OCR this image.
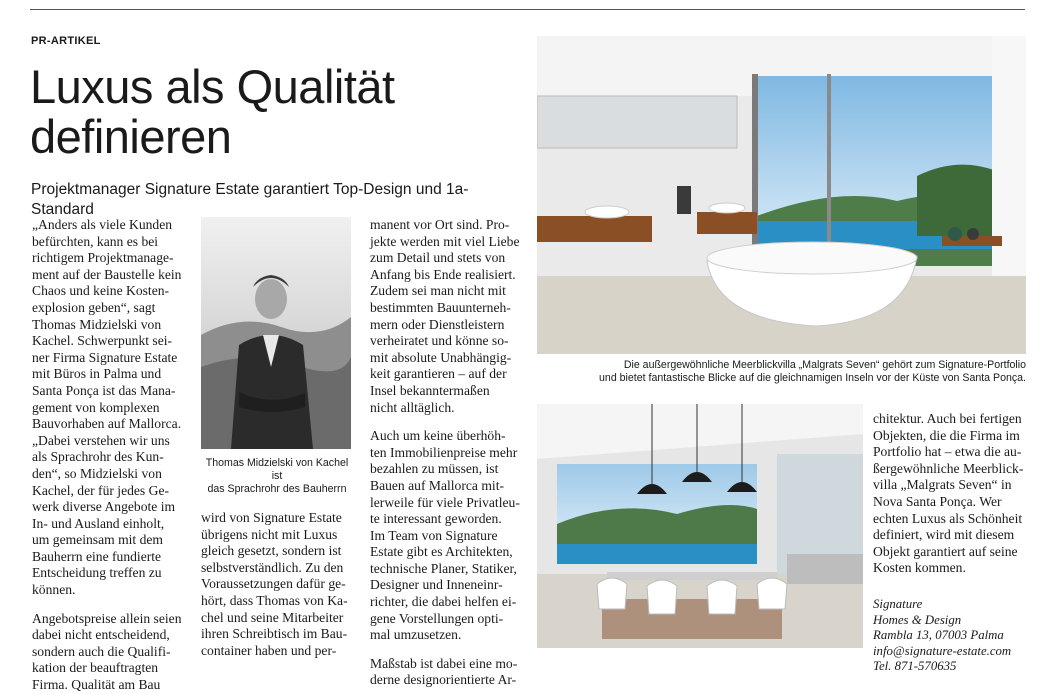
PR-ARTIKEL
Luxus als Qualität
definieren

Projektmanager Signature Estate garantiert Top-Design und 1a-Standard

„Anders als viele Kunden

befürchten, kann es bei

richtigem Projektmanage-

ment auf der Baustelle kein

Chaos und keine Kosten-

explosion geben“, sagt

Thomas Midzielski von

Kachel. Schwerpunkt sei-

ner Firma Signature Estate

mit Büros in Palma und

Santa Ponça ist das Mana-

gement von komplexen

Bauvorhaben auf Mallorca.

„Dabei verstehen wir uns

als Sprachrohr des Kun-

den“, so Midzielski von

Kachel, der für jedes Ge-

werk diverse Angebote im

In- und Ausland einholt,

um gemeinsam mit dem

Bauherrn eine fundierte

Entscheidung treffen zu

können.

Angebotspreise allein seien

dabei nicht entscheidend,

sondern auch die Qualifi-

kation der beauftragten

Firma. Qualität am Bau

Thomas Midzielski von Kachel ist
das Sprachrohr des Bauherrn

wird von Signature Estate

übrigens nicht mit Luxus

gleich gesetzt, sondern ist

selbstverständlich. Zu den

Voraussetzungen dafür ge-

hört, dass Thomas von Ka-

chel und seine Mitarbeiter

ihren Schreibtisch im Bau-

container haben und per-

manent vor Ort sind. Pro-

jekte werden mit viel Liebe

zum Detail und stets von

Anfang bis Ende realisiert.

Zudem sei man nicht mit

bestimmten Bauunterneh-

mern oder Dienstleistern

verheiratet und könne so-

mit absolute Unabhängig-

keit garantieren – auf der

Insel bekanntermaßen

nicht alltäglich.

Auch um keine überhöh-

ten Immobilienpreise mehr

bezahlen zu müssen, ist

Bauen auf Mallorca mit-

lerweile für viele Privatleu-

te interessant geworden.

Im Team von Signature

Estate gibt es Architekten,

technische Planer, Statiker,

Designer und Inneneinr-

richter, die dabei helfen ei-

gene Vorstellungen opti-

mal umzusetzen.

Maßstab ist dabei eine mo-

derne designorientierte Ar-

Die außergewöhnliche Meerblickvilla „Malgrats Seven“ gehört zum Signature-Portfolio
und bietet fantastische Blicke auf die gleichnamigen Inseln vor der Küste von Santa Ponça.

chitektur. Auch bei fertigen

Objekten, die die Firma im

Portfolio hat – etwa die au-

ßergewöhnliche Meerblick-

villa „Malgrats Seven“ in

Nova Santa Ponça. Wer

echten Luxus als Schönheit

definiert, wird mit diesem

Objekt garantiert auf seine

Kosten kommen.

Signature

Homes & Design

Rambla 13, 07003 Palma

info@signature-estate.com

Tel. 871-570635
